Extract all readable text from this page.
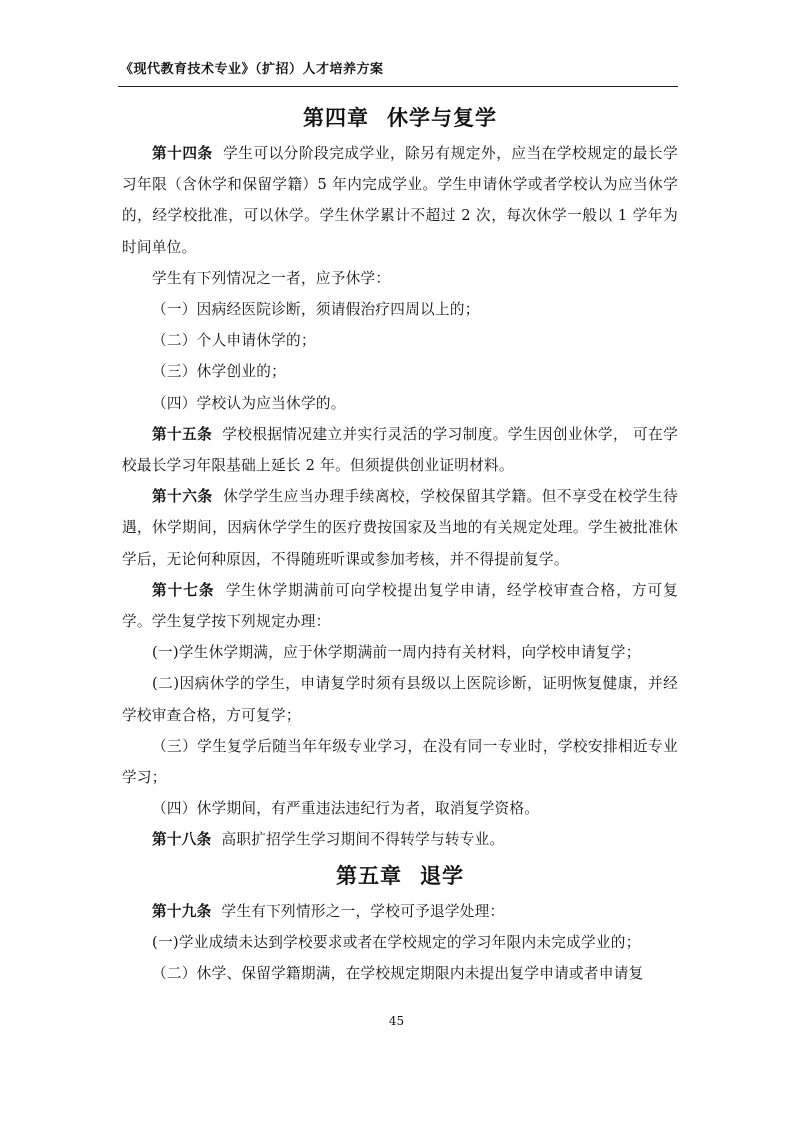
《现代教育技术专业》（扩招）人才培养方案
第四章 休学与复学

第十四条 学生可以分阶段完成学业，除另有规定外，应当在学校规定的最长学习年限（含休学和保留学籍）5 年内完成学业。学生申请休学或者学校认为应当休学的，经学校批准，可以休学。学生休学累计不超过 2 次，每次休学一般以 1 学年为时间单位。

学生有下列情况之一者，应予休学：

（一）因病经医院诊断，须请假治疗四周以上的；

（二）个人申请休学的；

（三）休学创业的；

（四）学校认为应当休学的。

第十五条 学校根据情况建立并实行灵活的学习制度。学生因创业休学， 可在学校最长学习年限基础上延长 2 年。但须提供创业证明材料。

第十六条 休学学生应当办理手续离校，学校保留其学籍。但不享受在校学生待遇，休学期间，因病休学学生的医疗费按国家及当地的有关规定处理。学生被批准休学后，无论何种原因，不得随班听课或参加考核，并不得提前复学。

第十七条 学生休学期满前可向学校提出复学申请，经学校审查合格，方可复学。学生复学按下列规定办理：

(一)学生休学期满，应于休学期满前一周内持有关材料，向学校申请复学；

(二)因病休学的学生，申请复学时须有县级以上医院诊断，证明恢复健康，并经学校审查合格，方可复学；

（三）学生复学后随当年年级专业学习，在没有同一专业时，学校安排相近专业学习；

（四）休学期间，有严重违法违纪行为者，取消复学资格。

第十八条 高职扩招学生学习期间不得转学与转专业。

第五章 退学

第十九条 学生有下列情形之一，学校可予退学处理：

(一)学业成绩未达到学校要求或者在学校规定的学习年限内未完成学业的；

（二）休学、保留学籍期满，在学校规定期限内未提出复学申请或者申请复

45
